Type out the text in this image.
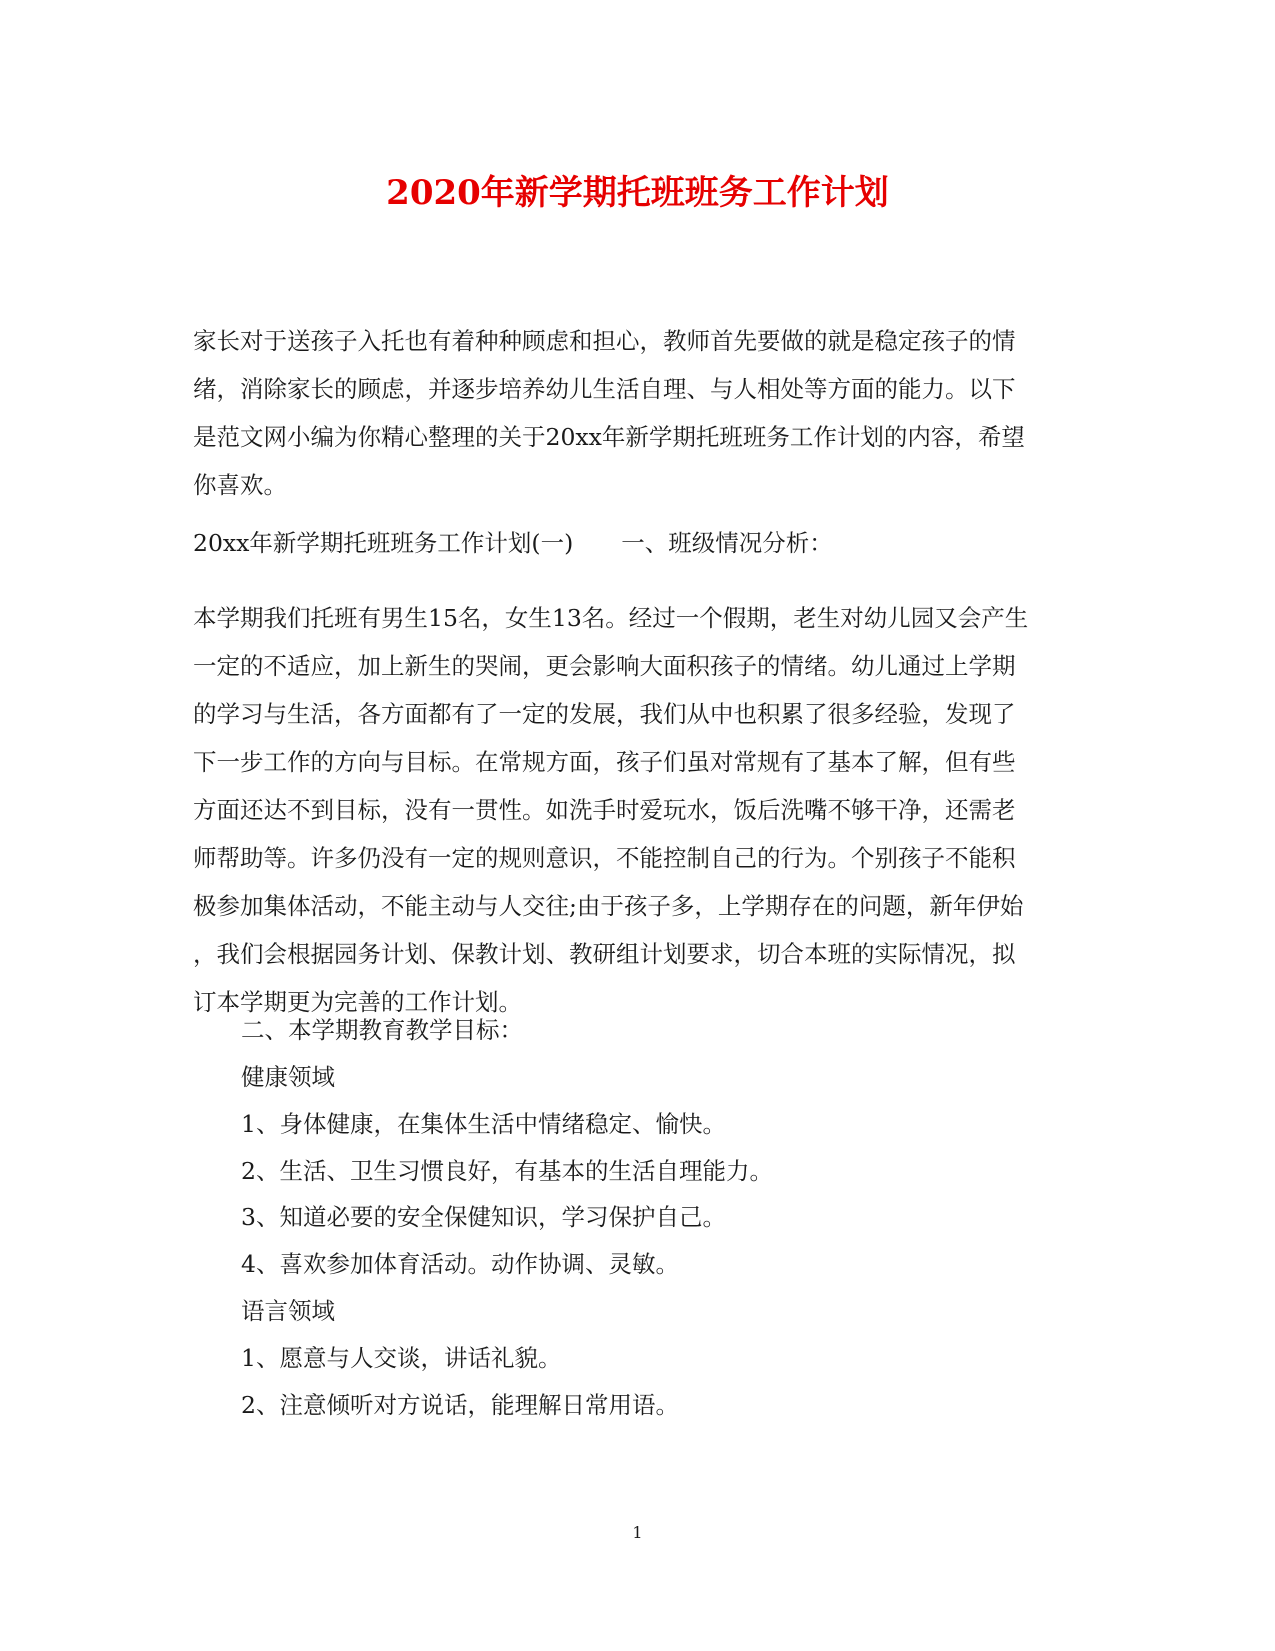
2020年新学期托班班务工作计划
家长对于送孩子入托也有着种种顾虑和担心，教师首先要做的就是稳定孩子的情
绪，消除家长的顾虑，并逐步培养幼儿生活自理、与人相处等方面的能力。以下
是范文网小编为你精心整理的关于20xx年新学期托班班务工作计划的内容，希望
你喜欢。
20xx年新学期托班班务工作计划(一) 一、班级情况分析：
本学期我们托班有男生15名，女生13名。经过一个假期，老生对幼儿园又会产生
一定的不适应，加上新生的哭闹，更会影响大面积孩子的情绪。幼儿通过上学期
的学习与生活，各方面都有了一定的发展，我们从中也积累了很多经验，发现了
下一步工作的方向与目标。在常规方面，孩子们虽对常规有了基本了解，但有些
方面还达不到目标，没有一贯性。如洗手时爱玩水，饭后洗嘴不够干净，还需老
师帮助等。许多仍没有一定的规则意识，不能控制自己的行为。个别孩子不能积
极参加集体活动，不能主动与人交往;由于孩子多，上学期存在的问题，新年伊始
，我们会根据园务计划、保教计划、教研组计划要求，切合本班的实际情况，拟
订本学期更为完善的工作计划。
二、本学期教育教学目标：
健康领域
1、身体健康，在集体生活中情绪稳定、愉快。
2、生活、卫生习惯良好，有基本的生活自理能力。
3、知道必要的安全保健知识，学习保护自己。
4、喜欢参加体育活动。动作协调、灵敏。
语言领域
1、愿意与人交谈，讲话礼貌。
2、注意倾听对方说话，能理解日常用语。
1
